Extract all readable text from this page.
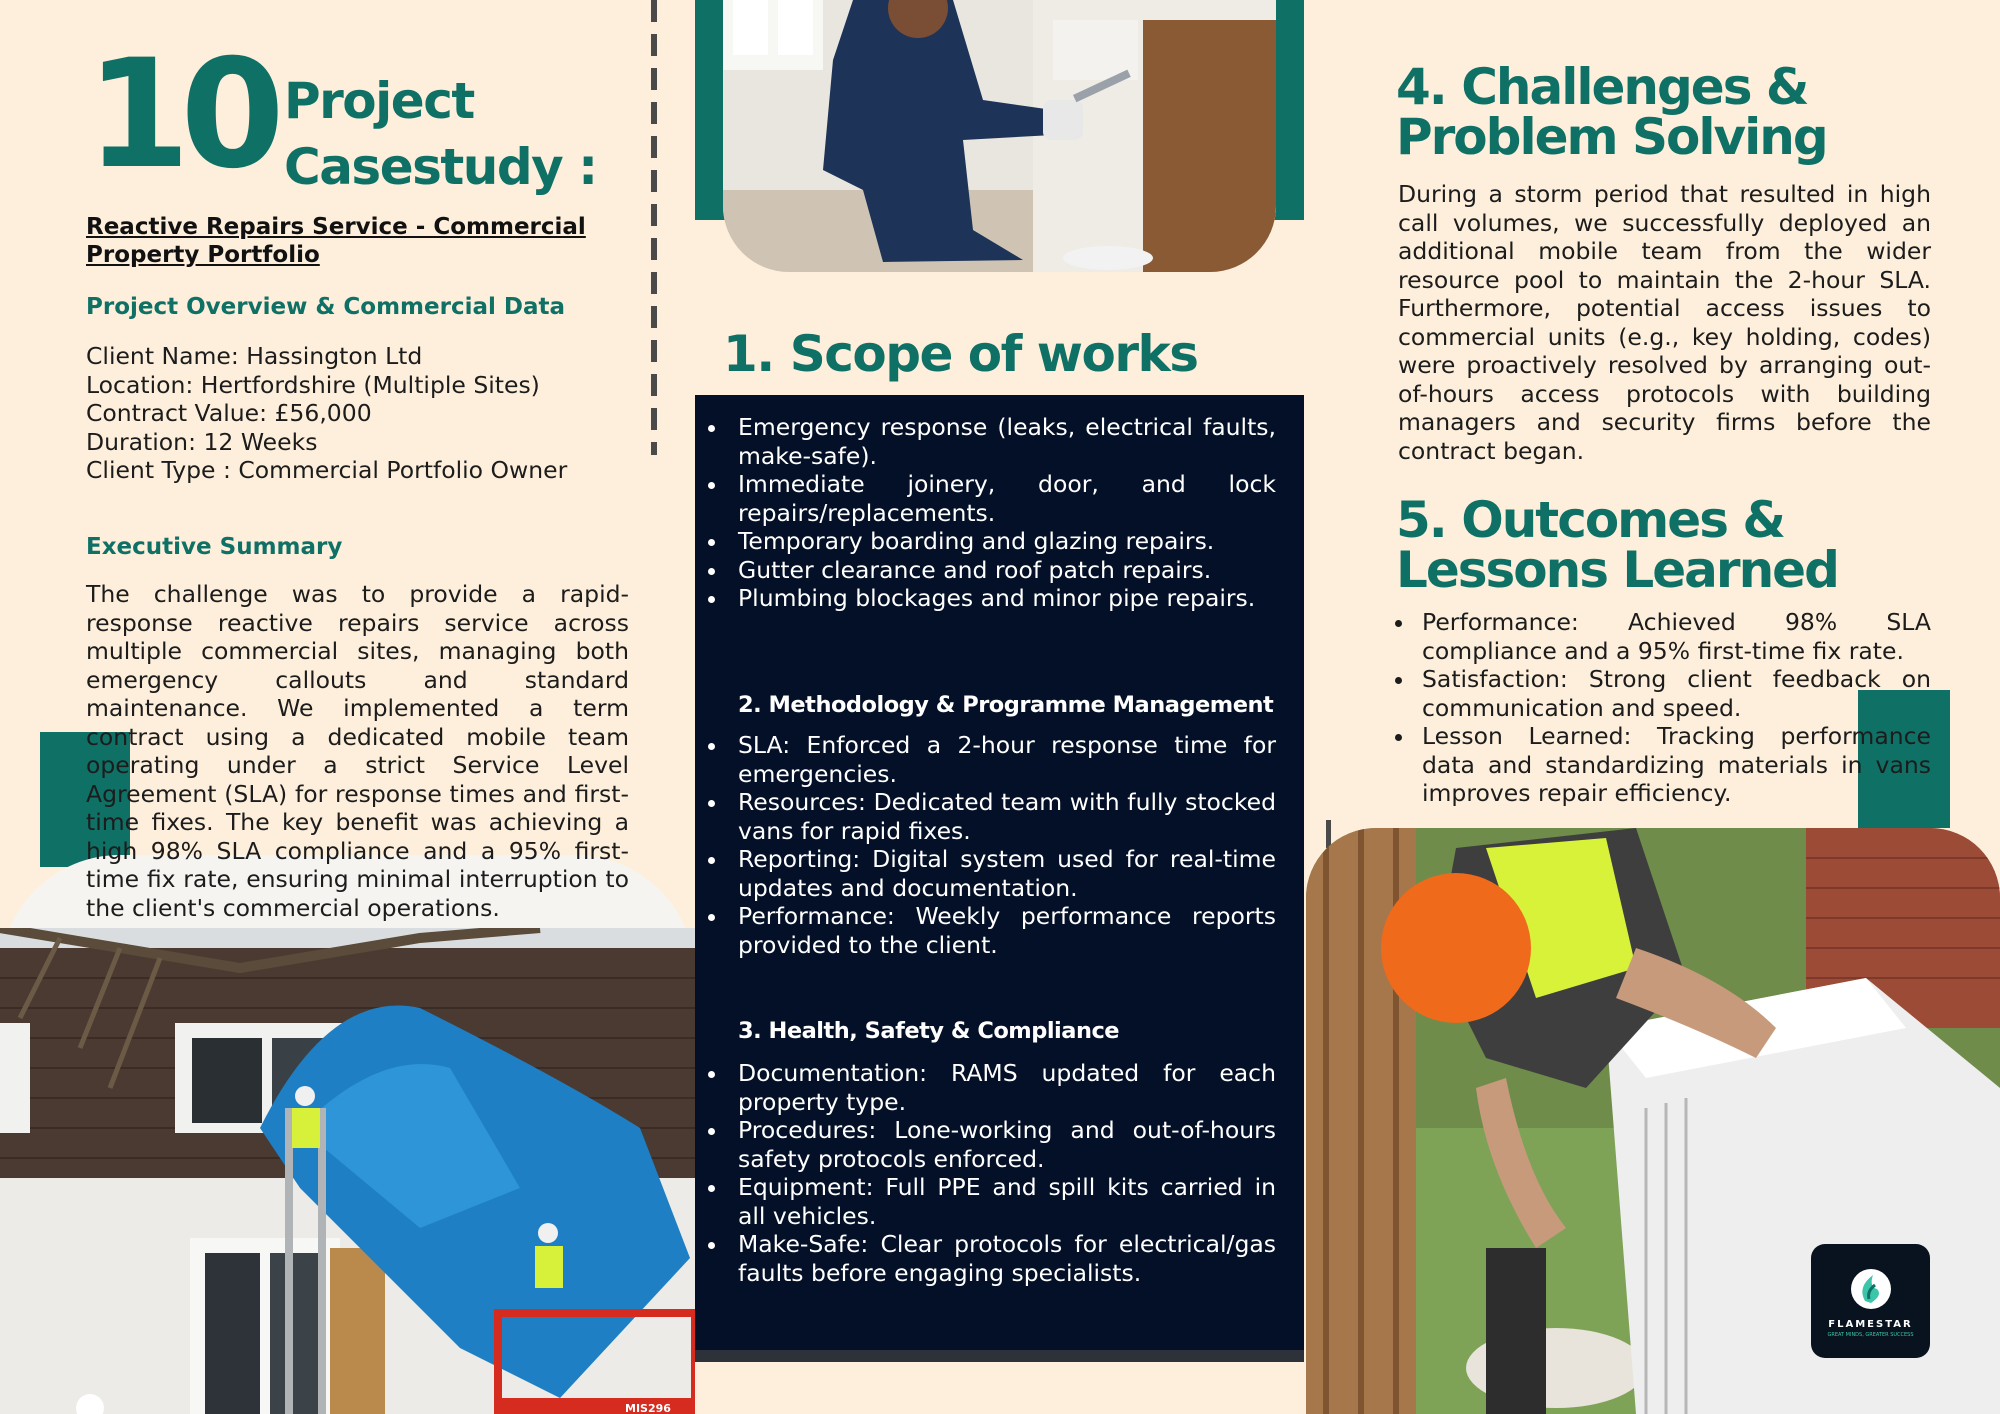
10 Project
Casestudy :
Reactive Repairs Service - Commercial Property Portfolio
Project Overview & Commercial Data
Client Name: Hassington Ltd
Location: Hertfordshire (Multiple Sites)
Contract Value: £56,000
Duration: 12 Weeks
Client Type : Commercial Portfolio Owner
Executive Summary
The challenge was to provide a rapid-response reactive repairs service across multiple commercial sites, managing both emergency callouts and standard maintenance. We implemented a term contract using a dedicated mobile team operating under a strict Service Level Agreement (SLA) for response times and first-time fixes. The key benefit was achieving a high 98% SLA compliance and a 95% first-time fix rate, ensuring minimal interruption to the client's commercial operations.
MIS296
1. Scope of works
Emergency response (leaks, electrical faults, make-safe).
Immediate joinery, door, and lock repairs/replacements.
Temporary boarding and glazing repairs.
Gutter clearance and roof patch repairs.
Plumbing blockages and minor pipe repairs.
2. Methodology & Programme Management
SLA: Enforced a 2-hour response time for emergencies.
Resources: Dedicated team with fully stocked vans for rapid fixes.
Reporting: Digital system used for real-time updates and documentation.
Performance: Weekly performance reports provided to the client.
3. Health, Safety & Compliance
Documentation: RAMS updated for each property type.
Procedures: Lone-working and out-of-hours safety protocols enforced.
Equipment: Full PPE and spill kits carried in all vehicles.
Make-Safe: Clear protocols for electrical/gas faults before engaging specialists.
4. Challenges &
Problem Solving
During a storm period that resulted in high call volumes, we successfully deployed an additional mobile team from the wider resource pool to maintain the 2-hour SLA. Furthermore, potential access issues to commercial units (e.g., key holding, codes) were proactively resolved by arranging out-of-hours access protocols with building managers and security firms before the contract began.
5. Outcomes &
Lessons Learned
Performance: Achieved 98% SLA compliance and a 95% first-time fix rate.
Satisfaction: Strong client feedback on communication and speed.
Lesson Learned: Tracking performance data and standardizing materials in vans improves repair efficiency.
FLAMESTAR
GREAT MINDS, GREATER SUCCESS
